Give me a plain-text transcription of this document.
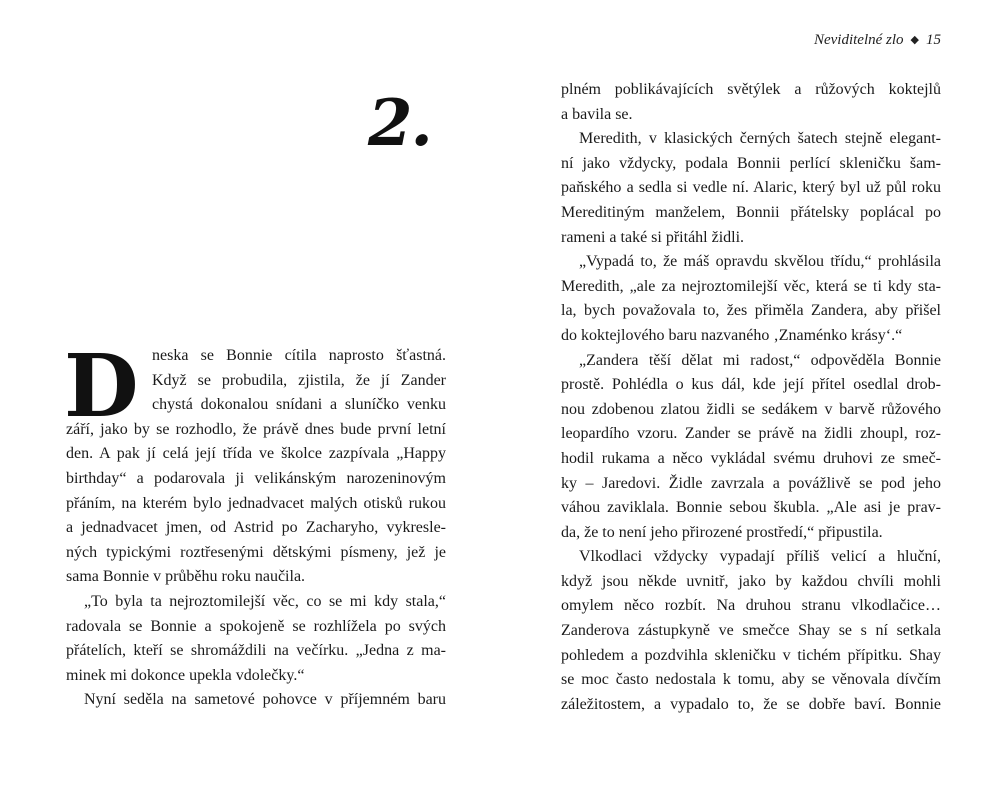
2.
D neska se Bonnie cítila naprosto šťastná.
Když se probudila, zjistila, že jí Zander
chystá dokonalou snídani a sluníčko venku
září, jako by se rozhodlo, že právě dnes bude první letní
den. A pak jí celá její třída ve školce zazpívala „Happy
birthday“ a podarovala ji velikánským narozeninovým
přáním, na kterém bylo jednadvacet malých otisků rukou
a jednadvacet jmen, od Astrid po Zacharyho, vykresle-
ných typickými roztřesenými dětskými písmeny, jež je
sama Bonnie v průběhu roku naučila.
„To byla ta nejroztomilejší věc, co se mi kdy stala,“
radovala se Bonnie a spokojeně se rozhlížela po svých
přátelích, kteří se shromáždili na večírku. „Jedna z ma-
minek mi dokonce upekla vdolečky.“
Nyní seděla na sametové pohovce v příjemném baru
Neviditelné zlo ◆ 15
plném poblikávajících světýlek a růžových koktejlů
a bavila se.
Meredith, v klasických černých šatech stejně elegant-
ní jako vždycky, podala Bonnii perlící skleničku šam-
paňského a sedla si vedle ní. Alaric, který byl už půl roku
Mereditiným manželem, Bonnii přátelsky poplácal po
rameni a také si přitáhl židli.
„Vypadá to, že máš opravdu skvělou třídu,“ prohlásila
Meredith, „ale za nejroztomilejší věc, která se ti kdy sta-
la, bych považovala to, žes přiměla Zandera, aby přišel
do koktejlového baru nazvaného ‚Znaménko krásy‘.“
„Zandera těší dělat mi radost,“ odpověděla Bonnie
prostě. Pohlédla o kus dál, kde její přítel osedlal drob-
nou zdobenou zlatou židli se sedákem v barvě růžového
leopardího vzoru. Zander se právě na židli zhoupl, roz-
hodil rukama a něco vykládal svému druhovi ze smeč-
ky – Jaredovi. Židle zavrzala a povážlivě se pod jeho
váhou zaviklala. Bonnie sebou škubla. „Ale asi je prav-
da, že to není jeho přirozené prostředí,“ připustila.
Vlkodlaci vždycky vypadají příliš velicí a hluční,
když jsou někde uvnitř, jako by každou chvíli mohli
omylem něco rozbít. Na druhou stranu vlkodlačice…
Zanderova zástupkyně ve smečce Shay se s ní setkala
pohledem a pozdvihla skleničku v tichém přípitku. Shay
se moc často nedostala k tomu, aby se věnovala dívčím
záležitostem, a vypadalo to, že se dobře baví. Bonnie
